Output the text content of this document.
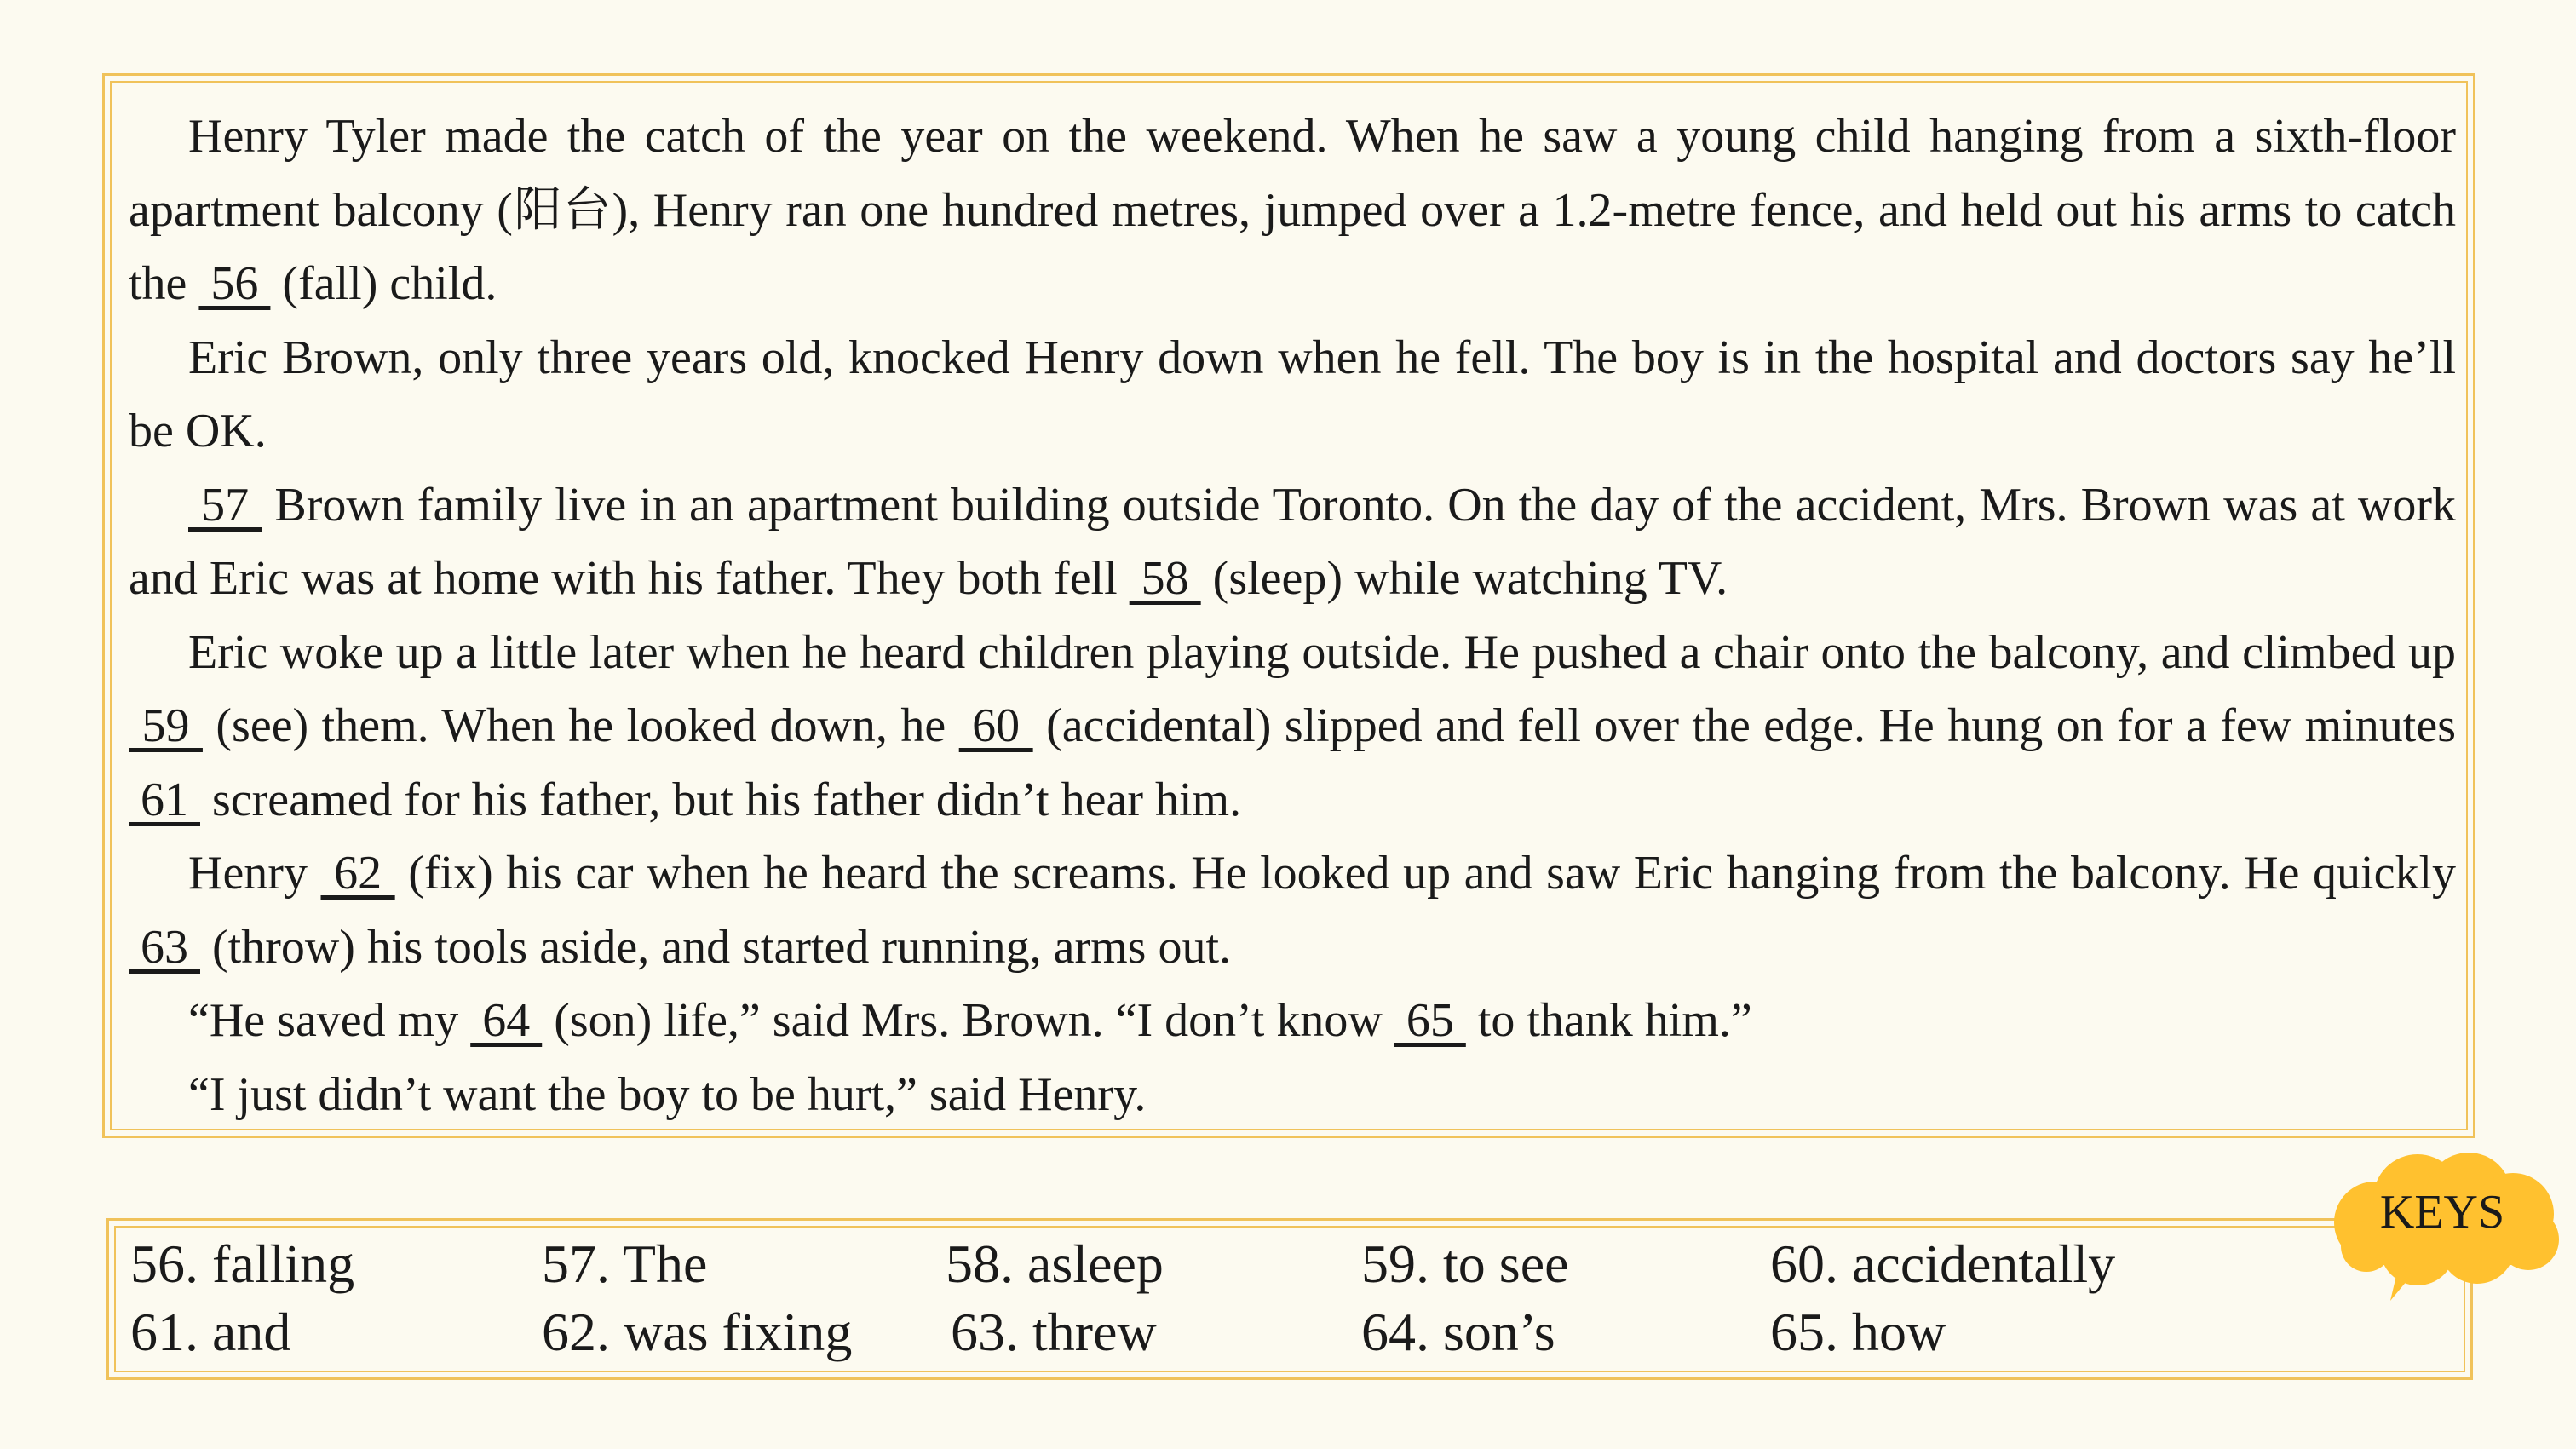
Henry Tyler made the catch of the year on the weekend. When he saw a young child hanging from a sixth-floor apartment balcony (阳台), Henry ran one hundred metres, jumped over a 1.2-metre fence, and held out his arms to catch the  56  (fall) child.

Eric Brown, only three years old, knocked Henry down when he fell. The boy is in the hospital and doctors say he’ll be OK.

57  Brown family live in an apartment building outside Toronto. On the day of the accident, Mrs. Brown was at work and Eric was at home with his father. They both fell  58  (sleep) while watching TV.

Eric woke up a little later when he heard children playing outside. He pushed a chair onto the balcony, and climbed up  59  (see) them. When he looked down, he  60  (accidental) slipped and fell over the edge. He hung on for a few minutes  61  screamed for his father, but his father didn’t hear him.

Henry  62  (fix) his car when he heard the screams. He looked up and saw Eric hanging from the balcony. He quickly  63  (throw) his tools aside, and started running, arms out.

“He saved my  64  (son) life,” said Mrs. Brown. “I don’t know  65  to thank him.”

“I just didn’t want the boy to be hurt,” said Henry.

56. falling	57. The	58. asleep	59. to see	60. accidentally
61. and	62. was fixing 63. threw	64. son’s	65. how
KEYS
